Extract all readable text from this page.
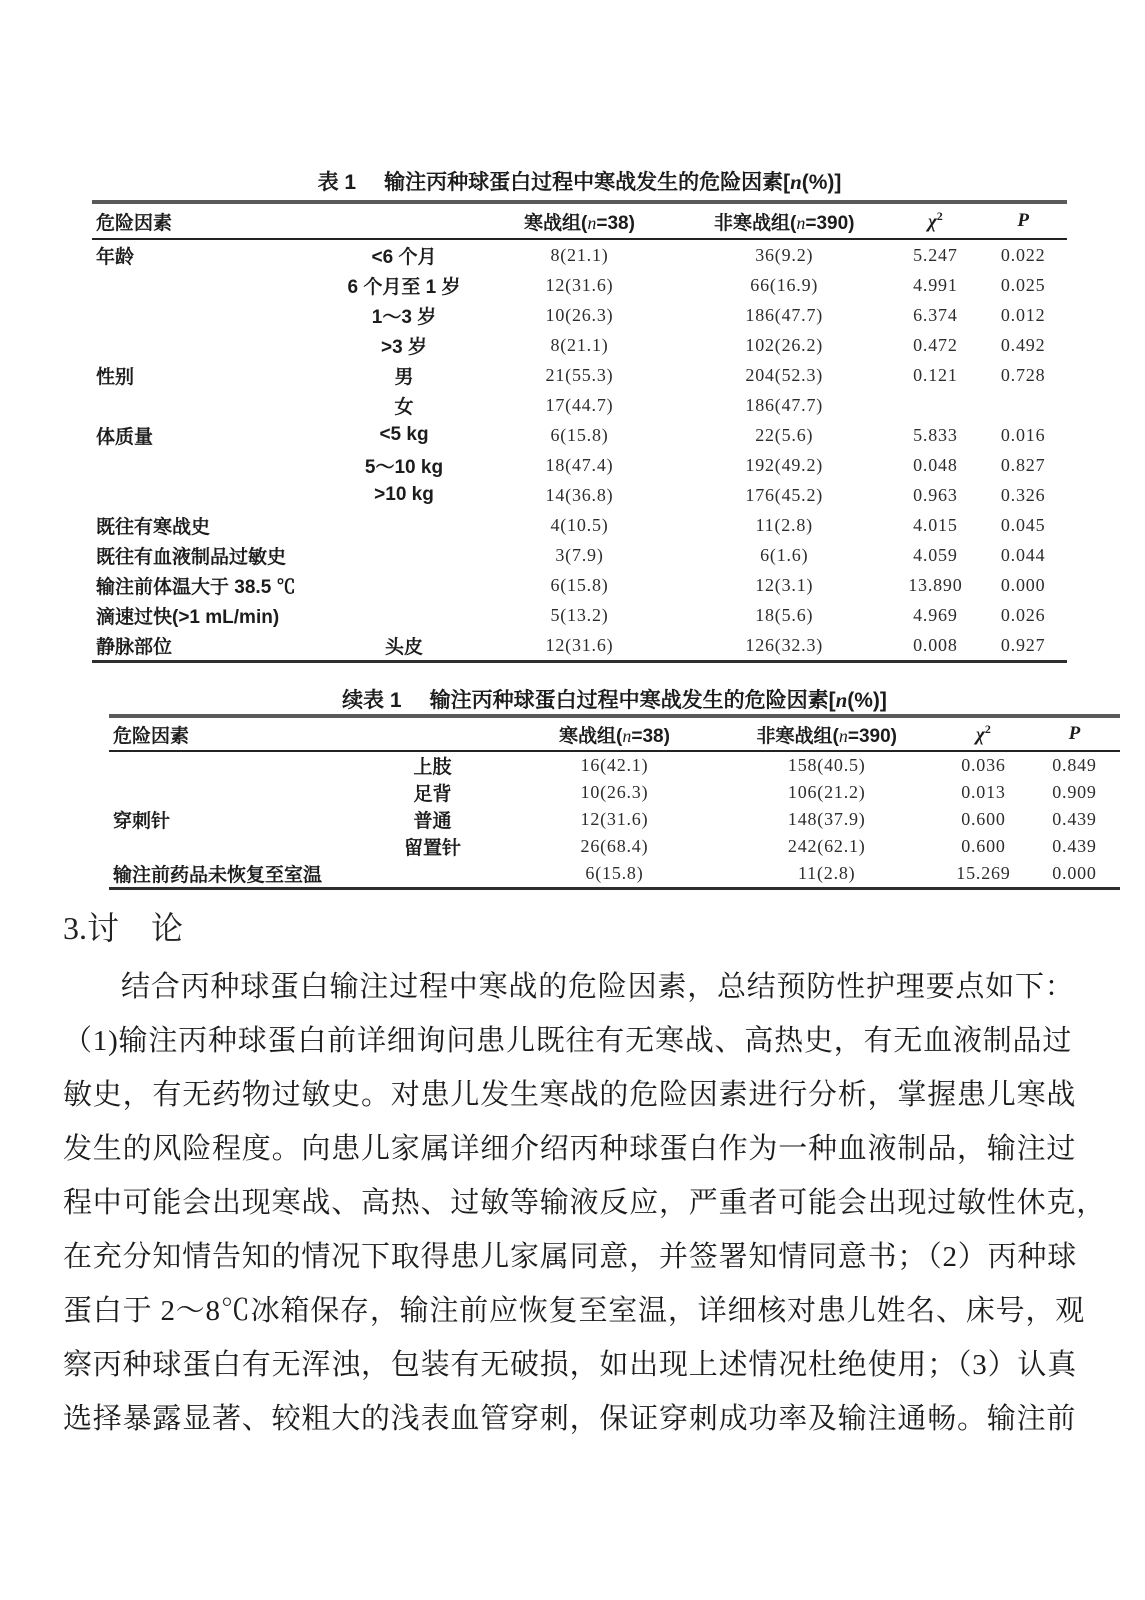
表 1 输注丙种球蛋白过程中寒战发生的危险因素[n(%)]
危险因素		寒战组(n=38)	非寒战组(n=390)	$\chi^2$	P
年龄	<6 个月	8(21.1)	36(9.2)	5.247	0.022
	6 个月至 1 岁	12(31.6)	66(16.9)	4.991	0.025
	1～3 岁	10(26.3)	186(47.7)	6.374	0.012
	>3 岁	8(21.1)	102(26.2)	0.472	0.492
性别	男	21(55.3)	204(52.3)	0.121	0.728
	女	17(44.7)	186(47.7)		
体质量	<5 kg	6(15.8)	22(5.6)	5.833	0.016
	5～10 kg	18(47.4)	192(49.2)	0.048	0.827
	>10 kg	14(36.8)	176(45.2)	0.963	0.326
既往有寒战史		4(10.5)	11(2.8)	4.015	0.045
既往有血液制品过敏史		3(7.9)	6(1.6)	4.059	0.044
输注前体温大于 38.5 ℃		6(15.8)	12(3.1)	13.890	0.000
滴速过快(>1 mL/min)		5(13.2)	18(5.6)	4.969	0.026
静脉部位	头皮	12(31.6)	126(32.3)	0.008	0.927
续表 1 输注丙种球蛋白过程中寒战发生的危险因素[n(%)]
危险因素		寒战组(n=38)	非寒战组(n=390)	$\chi^2$	P
	上肢	16(42.1)	158(40.5)	0.036	0.849
	足背	10(26.3)	106(21.2)	0.013	0.909
穿刺针	普通	12(31.6)	148(37.9)	0.600	0.439
	留置针	26(68.4)	242(62.1)	0.600	0.439
输注前药品未恢复至室温		6(15.8)	11(2.8)	15.269	0.000
3.讨　论
结合丙种球蛋白输注过程中寒战的危险因素，总结预防性护理要点如下：
（1)输注丙种球蛋白前详细询问患儿既往有无寒战、高热史，有无血液制品过
敏史，有无药物过敏史。对患儿发生寒战的危险因素进行分析，掌握患儿寒战
发生的风险程度。向患儿家属详细介绍丙种球蛋白作为一种血液制品，输注过
程中可能会出现寒战、高热、过敏等输液反应，严重者可能会出现过敏性休克，
在充分知情告知的情况下取得患儿家属同意，并签署知情同意书；（2）丙种球
蛋白于 2～8℃冰箱保存，输注前应恢复至室温，详细核对患儿姓名、床号，观
察丙种球蛋白有无浑浊，包装有无破损，如出现上述情况杜绝使用；（3）认真
选择暴露显著、较粗大的浅表血管穿刺，保证穿刺成功率及输注通畅。输注前
